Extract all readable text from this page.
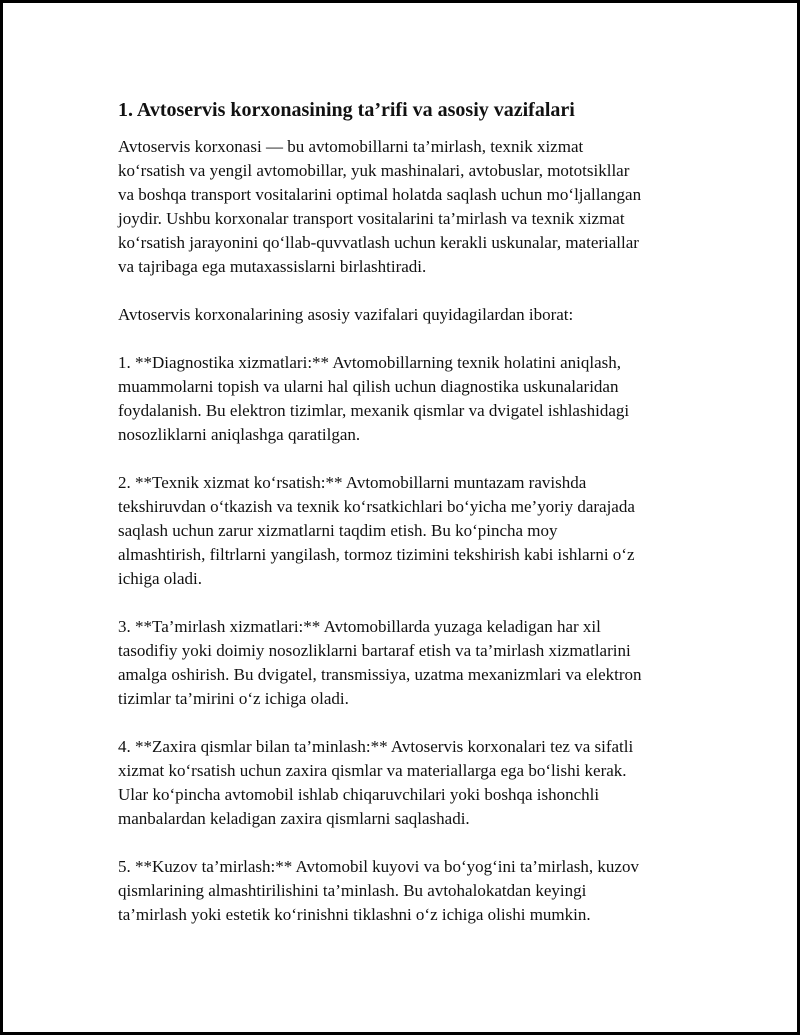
1. Avtoservis korxonasining ta’rifi va asosiy vazifalari

Avtoservis korxonasi — bu avtomobillarni ta’mirlash, texnik xizmat
ko‘rsatish va yengil avtomobillar, yuk mashinalari, avtobuslar, mototsikllar
va boshqa transport vositalarini optimal holatda saqlash uchun mo‘ljallangan
joydir. Ushbu korxonalar transport vositalarini ta’mirlash va texnik xizmat
ko‘rsatish jarayonini qo‘llab-quvvatlash uchun kerakli uskunalar, materiallar
va tajribaga ega mutaxassislarni birlashtiradi.

Avtoservis korxonalarining asosiy vazifalari quyidagilardan iborat:

1. **Diagnostika xizmatlari:** Avtomobillarning texnik holatini aniqlash,
muammolarni topish va ularni hal qilish uchun diagnostika uskunalaridan
foydalanish. Bu elektron tizimlar, mexanik qismlar va dvigatel ishlashidagi
nosozliklarni aniqlashga qaratilgan.

2. **Texnik xizmat ko‘rsatish:** Avtomobillarni muntazam ravishda
tekshiruvdan o‘tkazish va texnik ko‘rsatkichlari bo‘yicha me’yoriy darajada
saqlash uchun zarur xizmatlarni taqdim etish. Bu ko‘pincha moy
almashtirish, filtrlarni yangilash, tormoz tizimini tekshirish kabi ishlarni o‘z
ichiga oladi.

3. **Ta’mirlash xizmatlari:** Avtomobillarda yuzaga keladigan har xil
tasodifiy yoki doimiy nosozliklarni bartaraf etish va ta’mirlash xizmatlarini
amalga oshirish. Bu dvigatel, transmissiya, uzatma mexanizmlari va elektron
tizimlar ta’mirini o‘z ichiga oladi.

4. **Zaxira qismlar bilan ta’minlash:** Avtoservis korxonalari tez va sifatli
xizmat ko‘rsatish uchun zaxira qismlar va materiallarga ega bo‘lishi kerak.
Ular ko‘pincha avtomobil ishlab chiqaruvchilari yoki boshqa ishonchli
manbalardan keladigan zaxira qismlarni saqlashadi.

5. **Kuzov ta’mirlash:** Avtomobil kuyovi va bo‘yog‘ini ta’mirlash, kuzov
qismlarining almashtirilishini ta’minlash. Bu avtohalokatdan keyingi
ta’mirlash yoki estetik ko‘rinishni tiklashni o‘z ichiga olishi mumkin.
